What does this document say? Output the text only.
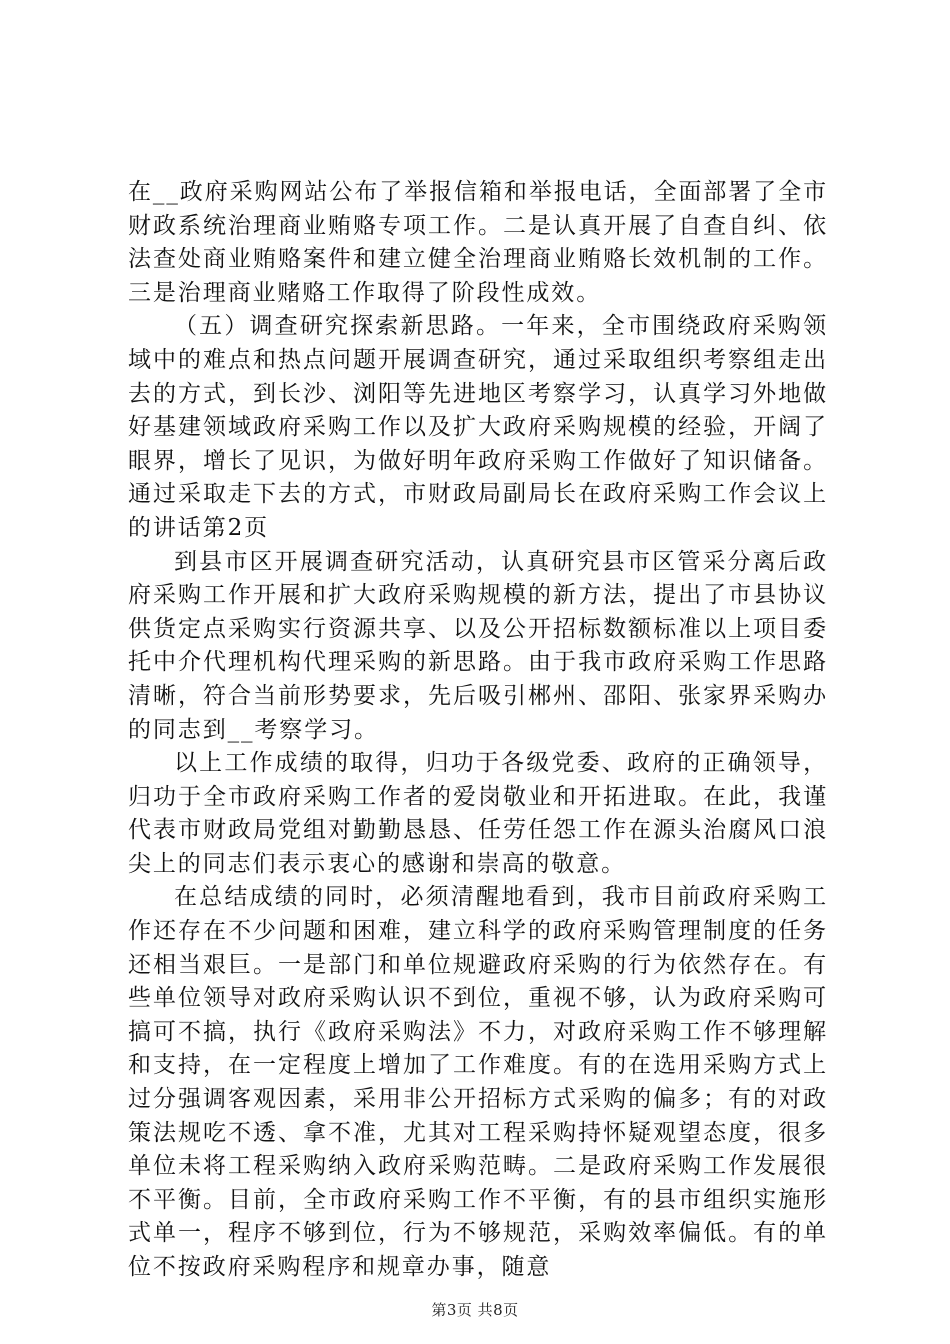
在__政府采购网站公布了举报信箱和举报电话，全面部署了全市财政系统治理商业贿赂专项工作。二是认真开展了自查自纠、依法查处商业贿赂案件和建立健全治理商业贿赂长效机制的工作。三是治理商业赌赂工作取得了阶段性成效。

（五）调查研究探索新思路。一年来，全市围绕政府采购领域中的难点和热点问题开展调查研究，通过采取组织考察组走出去的方式，到长沙、浏阳等先进地区考察学习，认真学习外地做好基建领域政府采购工作以及扩大政府采购规模的经验，开阔了眼界，增长了见识，为做好明年政府采购工作做好了知识储备。通过采取走下去的方式，市财政局副局长在政府采购工作会议上的讲话第2页

到县市区开展调查研究活动，认真研究县市区管采分离后政府采购工作开展和扩大政府采购规模的新方法，提出了市县协议供货定点采购实行资源共享、以及公开招标数额标准以上项目委托中介代理机构代理采购的新思路。由于我市政府采购工作思路清晰，符合当前形势要求，先后吸引郴州、邵阳、张家界采购办的同志到__考察学习。

以上工作成绩的取得，归功于各级党委、政府的正确领导，归功于全市政府采购工作者的爱岗敬业和开拓进取。在此，我谨代表市财政局党组对勤勤恳恳、任劳任怨工作在源头治腐风口浪尖上的同志们表示衷心的感谢和崇高的敬意。

在总结成绩的同时，必须清醒地看到，我市目前政府采购工作还存在不少问题和困难，建立科学的政府采购管理制度的任务还相当艰巨。一是部门和单位规避政府采购的行为依然存在。有些单位领导对政府采购认识不到位，重视不够，认为政府采购可搞可不搞，执行《政府采购法》不力，对政府采购工作不够理解和支持，在一定程度上增加了工作难度。有的在选用采购方式上过分强调客观因素，采用非公开招标方式采购的偏多；有的对政策法规吃不透、拿不准，尤其对工程采购持怀疑观望态度，很多单位未将工程采购纳入政府采购范畴。二是政府采购工作发展很不平衡。目前，全市政府采购工作不平衡，有的县市组织实施形式单一，程序不够到位，行为不够规范，采购效率偏低。有的单位不按政府采购程序和规章办事，随意

第3页 共8页
